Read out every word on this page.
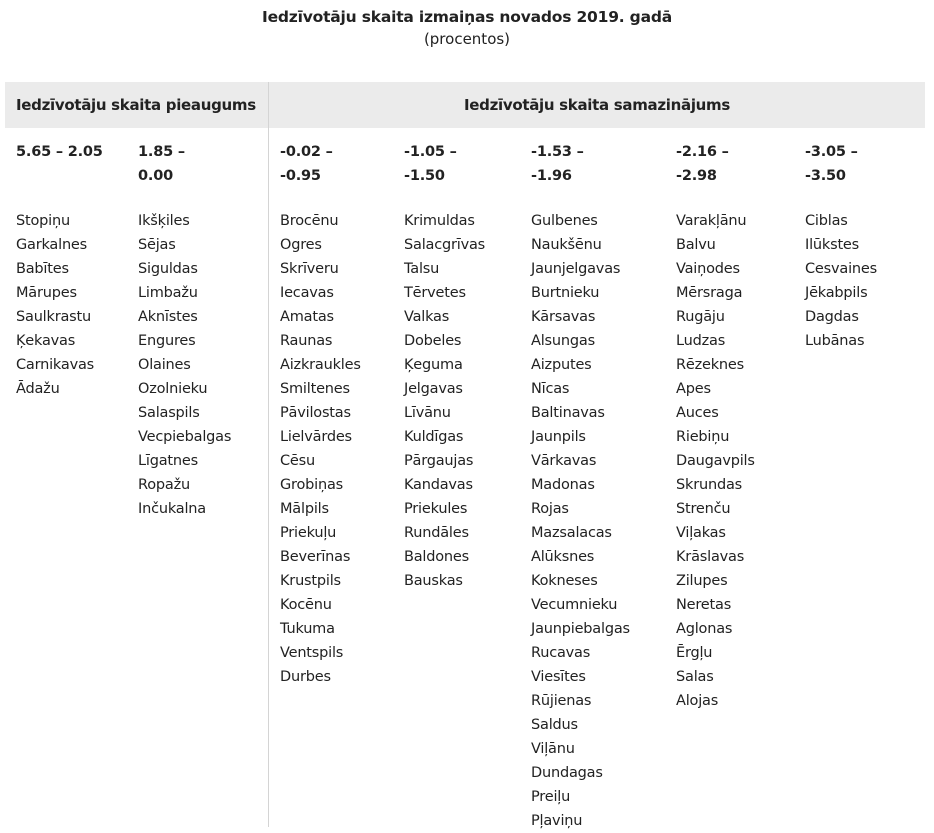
Iedzīvotāju skaita izmaiņas novados 2019. gadā
(procentos)
Iedzīvotāju skaita pieaugums	Iedzīvotāju skaita samazinājums
5.65 – 2.05
Stopiņu
Garkalnes
Babītes
Mārupes
Saulkrastu
Ķekavas
Carnikavas
Ādažu
1.85 –
0.00
Ikšķiles
Sējas
Siguldas
Limbažu
Aknīstes
Engures
Olaines
Ozolnieku
Salaspils
Vecpiebalgas
Līgatnes
Ropažu
Inčukalna
-0.02 –
-0.95
Brocēnu
Ogres
Skrīveru
Iecavas
Amatas
Raunas
Aizkraukles
Smiltenes
Pāvilostas
Lielvārdes
Cēsu
Grobiņas
Mālpils
Priekuļu
Beverīnas
Krustpils
Kocēnu
Tukuma
Ventspils
Durbes
-1.05 –
-1.50
Krimuldas
Salacgrīvas
Talsu
Tērvetes
Valkas
Dobeles
Ķeguma
Jelgavas
Līvānu
Kuldīgas
Pārgaujas
Kandavas
Priekules
Rundāles
Baldones
Bauskas
-1.53 –
-1.96
Gulbenes
Naukšēnu
Jaunjelgavas
Burtnieku
Kārsavas
Alsungas
Aizputes
Nīcas
Baltinavas
Jaunpils
Vārkavas
Madonas
Rojas
Mazsalacas
Alūksnes
Kokneses
Vecumnieku
Jaunpiebalgas
Rucavas
Viesītes
Rūjienas
Saldus
Viļānu
Dundagas
Preiļu
Pļaviņu
-2.16 –
-2.98
Varakļānu
Balvu
Vaiņodes
Mērsraga
Rugāju
Ludzas
Rēzeknes
Apes
Auces
Riebiņu
Daugavpils
Skrundas
Strenču
Viļakas
Krāslavas
Zilupes
Neretas
Aglonas
Ērgļu
Salas
Alojas
-3.05 –
-3.50
Ciblas
Ilūkstes
Cesvaines
Jēkabpils
Dagdas
Lubānas
